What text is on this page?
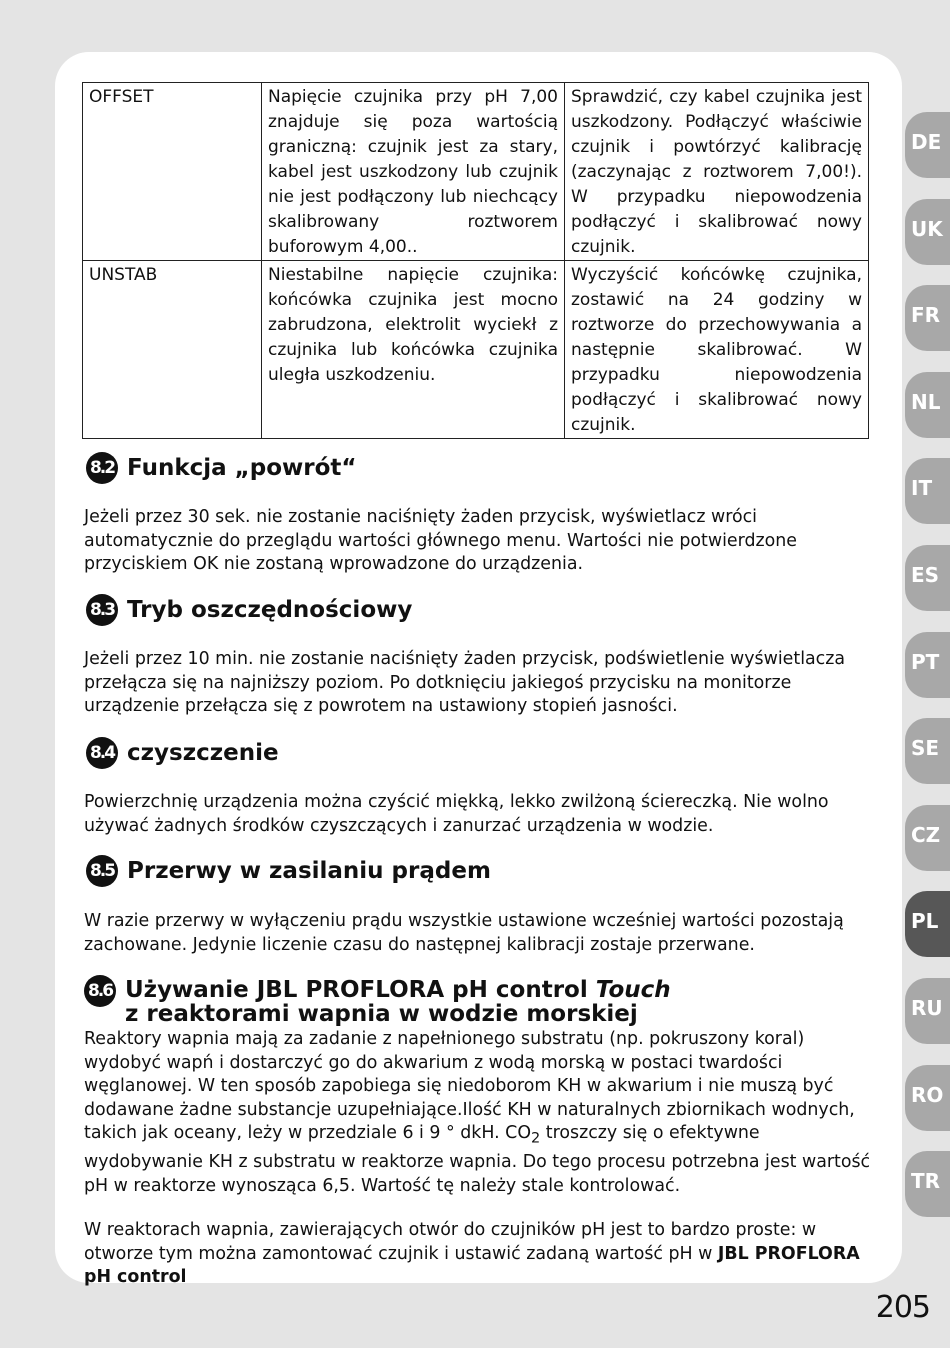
OFFSET	Napięcie czujnika przy pH 7,00 znajduje się poza wartością graniczną: czujnik jest za stary, kabel jest uszkodzony lub czujnik nie jest podłączony lub niechcący skalibrowany roztworem buforowym 4,00..	Sprawdzić, czy kabel czujnika jest uszkodzony. Podłączyć właściwie czujnik i powtórzyć kalibrację (zaczynając z roztworem 7,00!). W przypadku niepowodzenia podłączyć i skalibrować nowy czujnik.
UNSTAB	Niestabilne napięcie czujnika: końcówka czujnika jest mocno zabrudzona, elektrolit wyciekł z czujnika lub końcówka czujnika uległa uszkodzeniu.	Wyczyścić końcówkę czujnika, zostawić na 24 godziny w roztworze do przechowywania a następnie skalibrować. W przypadku niepowodzenia podłączyć i skalibrować nowy czujnik.
8.2 Funkcja „powrót“
Jeżeli przez 30 sek. nie zostanie naciśnięty żaden przycisk, wyświetlacz wróci automatycznie do przeglądu wartości głównego menu. Wartości nie potwierdzone przyciskiem OK nie zostaną wprowadzone do urządzenia.
8.3 Tryb oszczędnościowy
Jeżeli przez 10 min. nie zostanie naciśnięty żaden przycisk, podświetlenie wyświetlacza przełącza się na najniższy poziom. Po dotknięciu jakiegoś przycisku na monitorze urządzenie przełącza się z powrotem na ustawiony stopień jasności.
8.4 czyszczenie
Powierzchnię urządzenia można czyścić miękką, lekko zwilżoną ściereczką. Nie wolno używać żadnych środków czyszczących i zanurzać urządzenia w wodzie.
8.5 Przerwy w zasilaniu prądem
W razie przerwy w wyłączeniu prądu wszystkie ustawione wcześniej wartości pozostają zachowane. Jedynie liczenie czasu do następnej kalibracji zostaje przerwane.
8.6 Używanie JBL PROFLORA pH control Touch
z reaktorami wapnia w wodzie morskiej
Reaktory wapnia mają za zadanie z napełnionego substratu (np. pokruszony koral) wydobyć wapń i dostarczyć go do akwarium z wodą morską w postaci twardości węglanowej. W ten sposób zapobiega się niedoborom KH w akwarium i nie muszą być dodawane żadne substancje uzupełniające.Ilość KH w naturalnych zbiornikach wodnych, takich jak oceany, leży w przedziale 6 i 9 ° dkH. $CO_2$ troszczy się o efektywne wydobywanie KH z substratu w reaktorze wapnia. Do tego procesu potrzebna jest wartość pH w reaktorze wynosząca 6,5. Wartość tę należy stale kontrolować.
W reaktorach wapnia, zawierających otwór do czujników pH jest to bardzo proste: w otworze tym można zamontować czujnik i ustawić zadaną wartość pH w JBL PROFLORA pH control
DE
UK
FR
NL
IT
ES
PT
SE
CZ
PL
RU
RO
TR
205
